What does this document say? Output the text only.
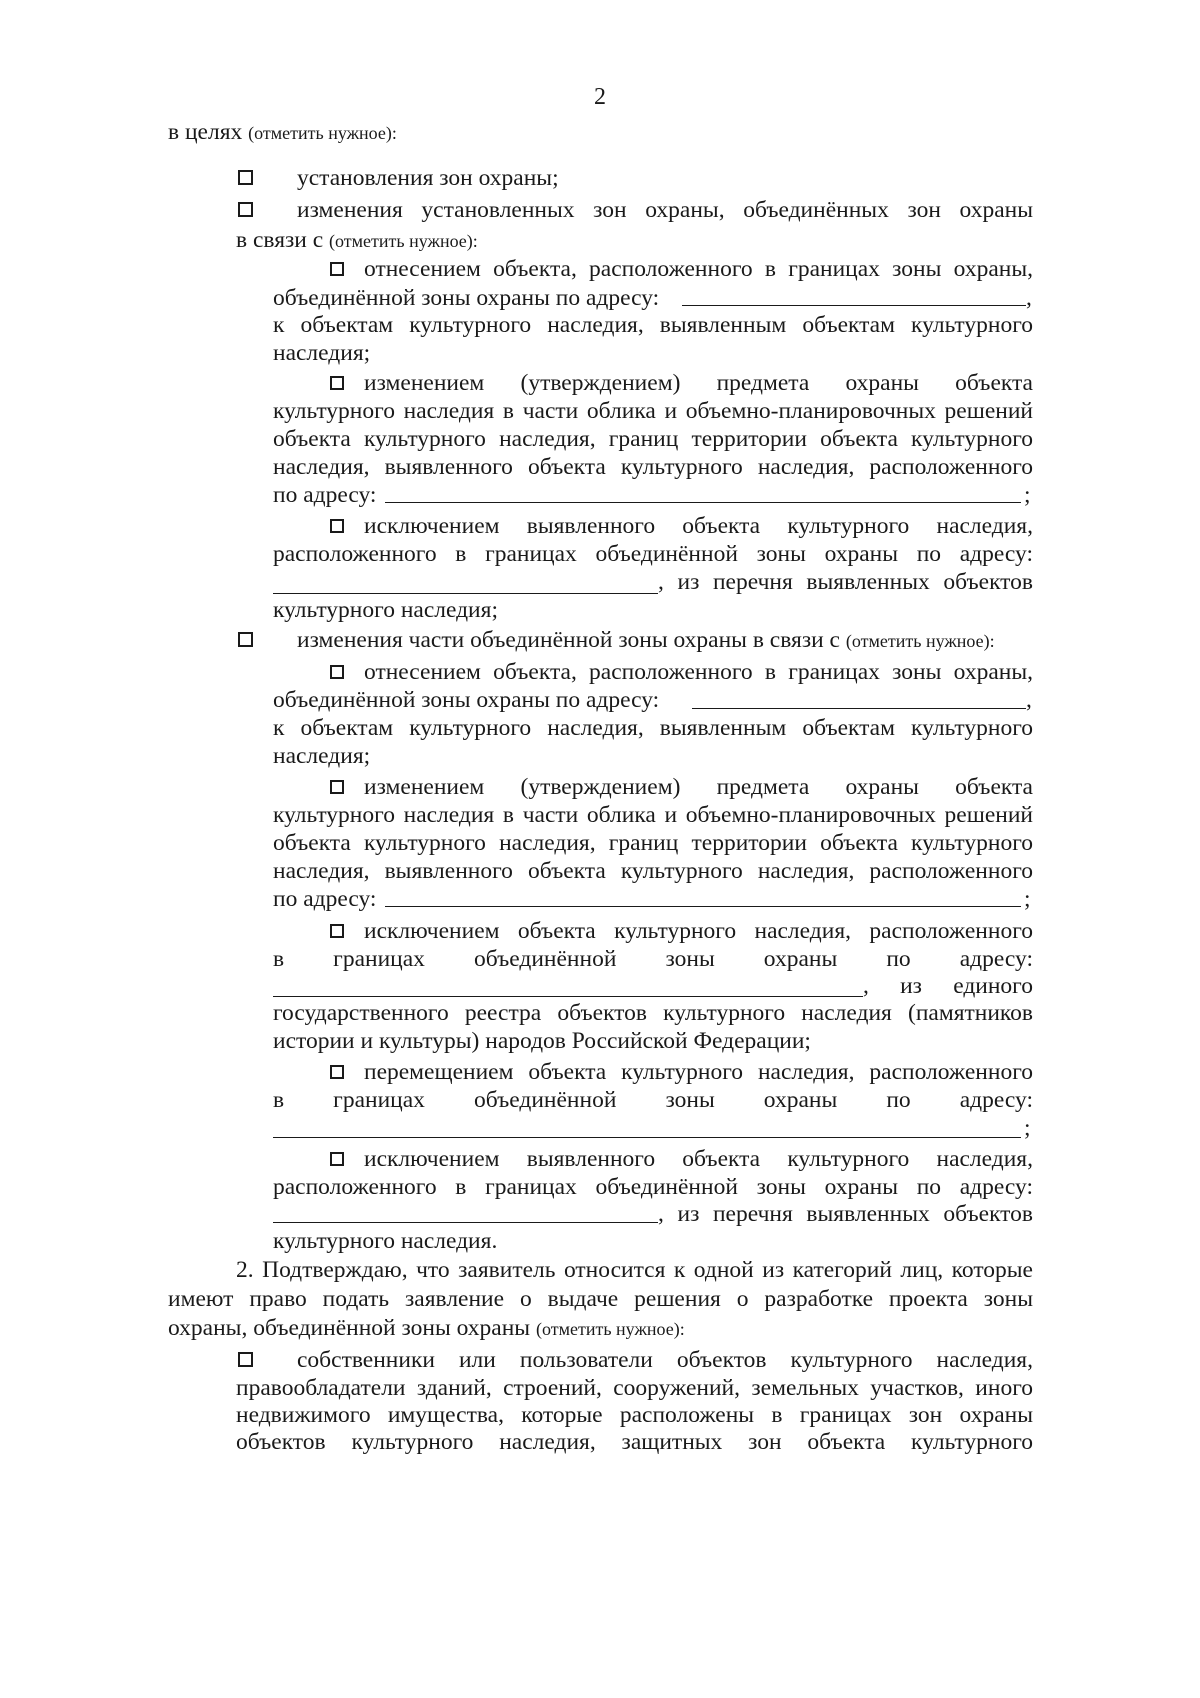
2
в целях (отметить нужное):
установления зон охраны;
изменения установленных зон охраны, объединённых зон охраны
в связи с (отметить нужное):
отнесением объекта, расположенного в границах зоны охраны,
объединённой зоны охраны по адресу:	,
к объектам культурного наследия, выявленным объектам культурного
наследия;
изменением (утверждением) предмета охраны объекта
культурного наследия в части облика и объемно-планировочных решений
объекта культурного наследия, границ территории объекта культурного
наследия, выявленного объекта культурного наследия, расположенного
по адресу:	;
исключением выявленного объекта культурного наследия,
расположенного в границах объединённой зоны охраны по адресу:
, из перечня выявленных объектов
культурного наследия;
изменения части объединённой зоны охраны в связи с (отметить нужное):
отнесением объекта, расположенного в границах зоны охраны,
объединённой зоны охраны по адресу:	,
к объектам культурного наследия, выявленным объектам культурного
наследия;
изменением (утверждением) предмета охраны объекта
культурного наследия в части облика и объемно-планировочных решений
объекта культурного наследия, границ территории объекта культурного
наследия, выявленного объекта культурного наследия, расположенного
по адресу:	;
исключением объекта культурного наследия, расположенного
в границах объединённой зоны охраны по адресу:
, из единого
государственного реестра объектов культурного наследия (памятников
истории и культуры) народов Российской Федерации;
перемещением объекта культурного наследия, расположенного
в границах объединённой зоны охраны по адресу:
;
исключением выявленного объекта культурного наследия,
расположенного в границах объединённой зоны охраны по адресу:
, из перечня выявленных объектов
культурного наследия.
2. Подтверждаю, что заявитель относится к одной из категорий лиц, которые
имеют право подать заявление о выдаче решения о разработке проекта зоны
охраны, объединённой зоны охраны (отметить нужное):
собственники или пользователи объектов культурного наследия,
правообладатели зданий, строений, сооружений, земельных участков, иного
недвижимого имущества, которые расположены в границах зон охраны
объектов культурного наследия, защитных зон объекта культурного
